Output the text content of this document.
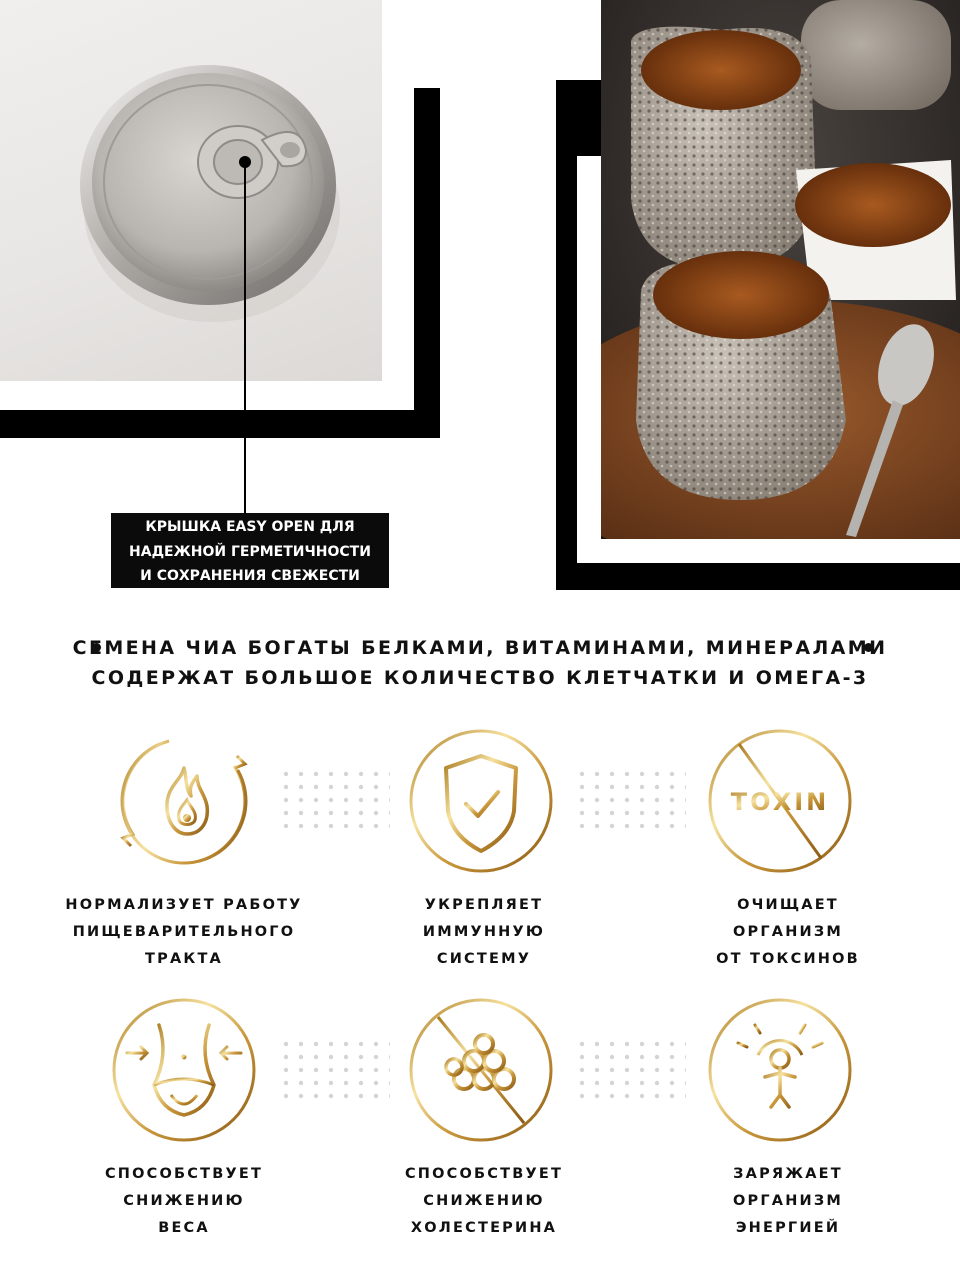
КРЫШКА EASY OPEN ДЛЯ
НАДЕЖНОЙ ГЕРМЕТИЧНОСТИ
И СОХРАНЕНИЯ СВЕЖЕСТИ
СЕМЕНА ЧИА БОГАТЫ БЕЛКАМИ, ВИТАМИНАМИ, МИНЕРАЛАМИ
СОДЕРЖАТ БОЛЬШОЕ КОЛИЧЕСТВО КЛЕТЧАТКИ И ОМЕГА-3
TOXIN
НОРМАЛИЗУЕТ РАБОТУ
ПИЩЕВАРИТЕЛЬНОГО
ТРАКТА
УКРЕПЛЯЕТ
ИММУННУЮ
СИСТЕМУ
ОЧИЩАЕТ
ОРГАНИЗМ
ОТ ТОКСИНОВ
СПОСОБСТВУЕТ
СНИЖЕНИЮ
ВЕСА
СПОСОБСТВУЕТ
СНИЖЕНИЮ
ХОЛЕСТЕРИНА
ЗАРЯЖАЕТ
ОРГАНИЗМ
ЭНЕРГИЕЙ
